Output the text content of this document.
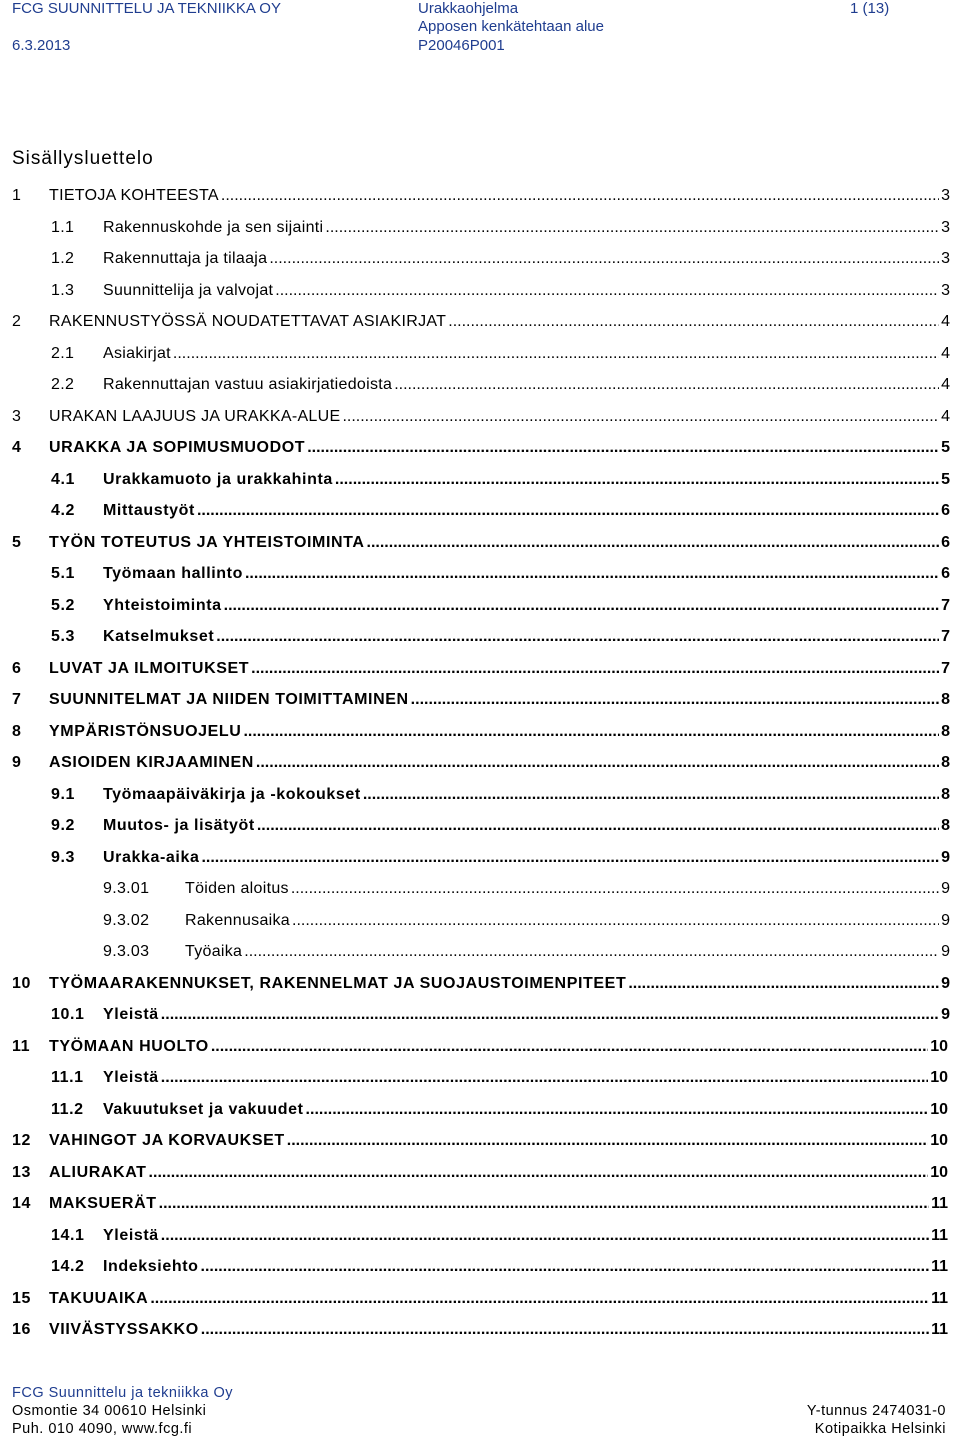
FCG SUUNNITTELU JA TEKNIIKKA OY
6.3.2013
Urakkaohjelma
Apposen kenkätehtaan alue
P20046P001
1 (13)
Sisällysluettelo
1	TIETOJA KOHTEESTA .....	3
1.1	Rakennuskohde ja sen sijainti .....	3
1.2	Rakennuttaja ja tilaaja .....	3
1.3	Suunnittelija ja valvojat .....	3
2	RAKENNUSTYÖSSÄ NOUDATETTAVAT ASIAKIRJAT .....	4
2.1	Asiakirjat .....	4
2.2	Rakennuttajan vastuu asiakirjatiedoista .....	4
3	URAKAN LAAJUUS JA URAKKA-ALUE .....	4
4	URAKKA JA SOPIMUSMUODOT .....	5
4.1	Urakkamuoto ja urakkahinta .....	5
4.2	Mittaustyöt .....	6
5	TYÖN TOTEUTUS JA YHTEISTOIMINTA .....	6
5.1	Työmaan hallinto .....	6
5.2	Yhteistoiminta .....	7
5.3	Katselmukset .....	7
6	LUVAT JA ILMOITUKSET .....	7
7	SUUNNITELMAT JA NIIDEN TOIMITTAMINEN .....	8
8	YMPÄRISTÖNSUOJELU .....	8
9	ASIOIDEN KIRJAAMINEN .....	8
9.1	Työmaapäiväkirja ja -kokoukset .....	8
9.2	Muutos- ja lisätyöt .....	8
9.3	Urakka-aika .....	9
9.3.01	Töiden aloitus .....	9
9.3.02	Rakennusaika .....	9
9.3.03	Työaika .....	9
10	TYÖMAARAKENNUKSET, RAKENNELMAT JA SUOJAUSTOIMENPITEET .....	9
10.1	Yleistä .....	9
11	TYÖMAAN HUOLTO .....	10
11.1	Yleistä .....	10
11.2	Vakuutukset ja vakuudet .....	10
12	VAHINGOT JA KORVAUKSET .....	10
13	ALIURAKAT .....	10
14	MAKSUERÄT .....	11
14.1	Yleistä .....	11
14.2	Indeksiehto .....	11
15	TAKUUAIKA .....	11
16	VIIVÄSTYSSAKKO .....	11
FCG Suunnittelu ja tekniikka Oy
Osmontie 34 00610 Helsinki
Puh. 010 4090, www.fcg.fi
Y-tunnus 2474031-0
Kotipaikka Helsinki
